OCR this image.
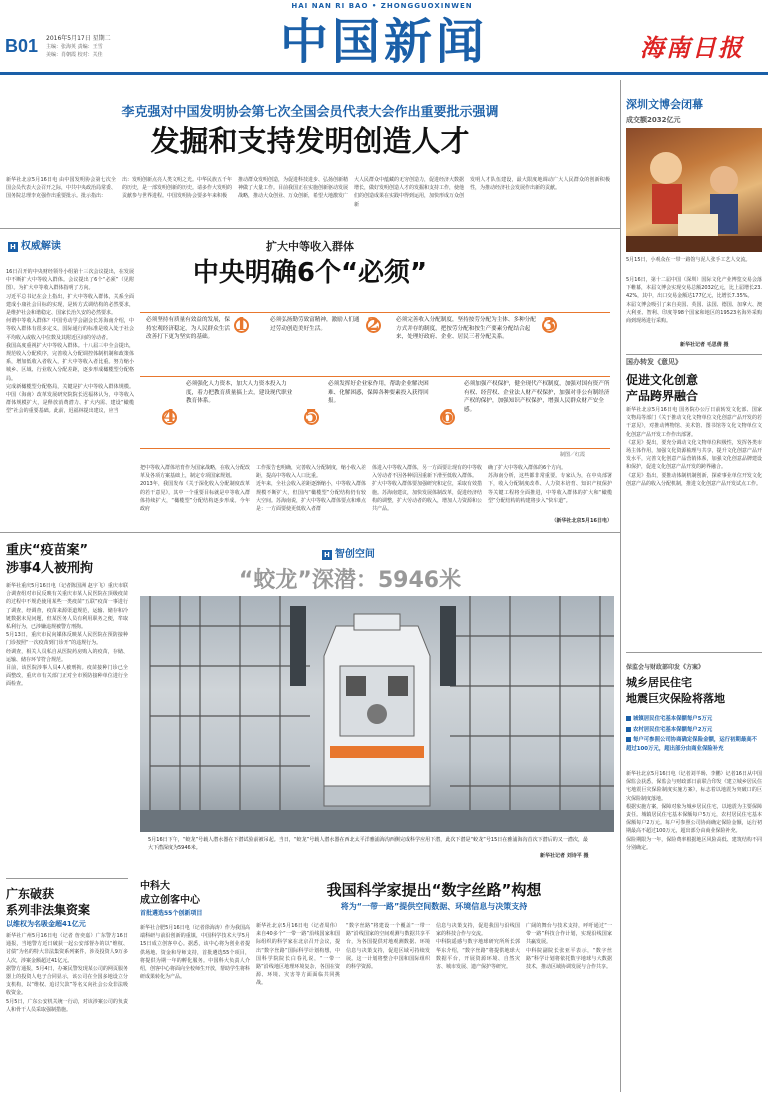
HAI NAN RI BAO • ZHONGGUOXINWEN
B01 2016年5月17日 星期二
主编：张海英 责编：王雪
美编：肖朝霞 校对：关佳	中国新闻	海南日报
李克强对中国发明协会第七次全国会员代表大会作出重要批示强调
发掘和支持发明创造人才
新华社北京5月16日电 由中国发明协会第七次全国会员代表大会召开之际，中共中央政治局常委、国务院总理李克强作出重要批示。批示指出：
出：发明创新点亮人类文明之光。中华民族五千年的历史，是一部发明创新的历史。请多作大发明的贡献参与世界进程。中国发明协会要多年来积极
推动群众发明创造，为促进科技进步、弘扬创新精神做了大量工作。目前我国正在实施创新驱动发展战略，推动大众创业、万众创新，希望大地激发广
大人民群众中蕴藏的无穷创造力，促进经济大数据增长，做好发明创造人才的发掘和支持工作，使他们的创造成果在实践中得到运用，加快形成万众创新
发明人才队伍建设，最大限度地调动广大人民群众的创新积极性，为推动经济社会发展作出新的贡献。
H 权威解读	扩大中等收入群体
中央明确6个“必须”
16日召开的中央财经领导小组第十三次会议提出，在发展中不断扩大中等收入群体。会议提出了6个“必须”（见附图）。为扩大中等收入群体指明了方向。
习近平总书记在会上指出，扩大中等收入群体，关系全面建成小康社会目标的实现，是转方式调结构的必然要求，是维护社会和谐稳定、国家长治久安的必然要求。
何谓中等收入群体？中国劳动学会副会长苏海南介绍，中等收入群体有很多定义，国际通行的标准是收入处于社会平均收入或收入中位数及其附近区间的劳动者。
我国高度重视扩大中等收入群体。十八届三中全会提出，规范收入分配秩序，完善收入分配调控体制机制和政策体系，增加低收入者收入，扩大中等收入者比重。努力缩小城乡、区域、行业收入分配差距，逐步形成橄榄型分配格局。
完成新橄榄型分配格局，关键是扩大中等收入群体规模。中国（海南）改革发展研究院院长迟福林认为，中等收入群体规模扩大，是释放消费潜力、扩大内需、建设“橄榄型”社会的重要基础。此前，迟福林提出建议，应当
必须坚持有质量有效益的发展，保持宏观经济稳定，为人民群众生活改善打下更为坚实的基础。
1	必须弘扬勤劳致富精神，激励人们通过劳动创造美好生活。	2	必须完善收入分配制度，坚持按劳分配为主体、多种分配方式并存的制度，把按劳分配和按生产要素分配结合起来，处理好政府、企业、居民三者分配关系。
3
4
必须强化人力资本，加大人力资本投入力度，着力把教育质量搞上去，建设现代职业教育体系。
5
必须发挥好企业家作用，帮助企业解决困难、化解困惑，保障各种要素投入获得回报。
6
必须加强产权保护，健全现代产权制度，加强对国有资产所有权、经营权、企业法人财产权保护，加强对非公有制经济产权的保护，加强知识产权保护，增强人民群众财产安全感。
制图／红霞
把中等收入群体培育作为国家战略，在收入分配改革及各项方案基础上，制定专项国家规划。
2013年，我国发布《关于深化收入分配制度改革的若干意见》，其中一个重要目标就是中等收入群体持续扩大，“橄榄型”分配结构逐步形成。今年政府
工作报告也明确，完善收入分配制度，缩小收入差距，提高中等收入人口比重。
近年来，全社会收入差距逐渐缩小，中等收入群体规模不断扩大，但国内“橄榄型”分配结构仍有较大空间。苏海南说，扩大中等收入群体要点和难点是：一方面要使更低收入者群
体进入中等收入群体，另一方面要让现有的中等收入劳动者不因各种原因重新下滑至低收入群体。
扩大中等收入群体要加强研究和定位，采取有效措施。苏海南建议，加快发展体制改革，促进经济结构的调整，扩大劳动者的收入，增加人力资源和公共产品。
确了扩大中等收入群体的6个方向。
苏海南分析，这些都非常重要。专家认为，在中央部署下，收入分配制度改革、人力资本培育、知识产权保护等关键工程将全面推进，中等收入群体的扩大和“橄榄型”分配结构的构建将步入“快车道”。
（新华社北京5月16日电）
重庆“疫苗案”
涉事4人被刑拘
新华社重庆5月16日电（记者陈国洲 赵宇飞）重庆市联合调查组对市民反映有关重庆市某人民医院在顶级疫苗的过程中不规范使用某些一类疫苗“五联”疫苗一事进行了调查，经调查，疫苗来源渠道规范，运输、储存和冷链数据未见问题，但某医务人员有利用职务之便，牟取私利行为，已涉嫌违规被警方刑拘。
5月13日，重庆市民向媒体反映某人民医院在预防接种门诊按照“一次疫苗到门诊开”的违规行为。
经调查，相关人员私自从医院药房购入的疫苗，存储、运输、储存环节符合规范。
目前，该医院涉事人员4人被刑拘。疫苗接种门诊已全面整改，重庆市有关部门正对全市预防接种单位进行全面检查。
广东破获
系列非法集资案
以维权为名吸金超41亿元
新华社广州5月16日电（记者 詹奕嘉）广东警方16日通报，当地警方近日破获一起公安部督办的以“维权、讨债”为名的特大非法集资系列案件，涉及投资人9万多人次，涉案金额超过41亿元。
据警方通报，5月4日，办案民警发现某公司的网页服务器上的投资人电子合同显示，该公司在全国多地设立分支机构，以“维权、追讨欠款”等名义向社会公众非法吸收资金。
5月5日，广东公安机关统一行动，对该涉案公司的负责人和骨干人员采取强制措施。
H 智创空间
“蛟龙”深潜：5946米
5月16日下午，“蛟龙”号载人潜水器在下潜试验前被吊起。当日，“蛟龙”号载人潜水器在西北太平洋雅浦海沟西侧完成科学应用下潜，此次下潜是“蛟龙”号15日在雅浦海沟首次下潜后的又一潜次，最大下潜深度为5946米。
新华社记者 刘诗平 摄
中科大
成立创客中心
首批遴选55个创新项目
新华社合肥5月16日电（记者徐海涛）作为我国高端科研与前沿创新的重镇，中国科学技术大学5月15日成立创客中心。据悉，该中心将为创业者提供场地、资金和导师支持，首批遴选55个项目，将提供为期一年的孵化服务。中国科大负责人介绍，创客中心将面向全校师生开放，帮助学生将科研成果转化为产品。
我国科学家提出“数字丝路”构想
将为“一带一路”提供空间数据、环境信息与决策支持
新华社北京5月16日电（记者周伟）来自40多个“一带一路”沿线国家和国际组织的科学家在北京召开会议，提出“数字丝路”国际科学计划构想，中国科学院院长白春礼说，“一带一路”沿线地区地理环境复杂，各国在资源、环境、灾害等方面面临共同挑战。
“数字丝路”将建设一个覆盖“一带一路”沿线国家的空间观测与数据共享平台，为各国提供对地观测数据、环境信息与决策支持，促进区域可持续发展。这一计划将整合中国和国际组织的科学资源。
信息与决策支持，促进我国与沿线国家的科技合作与交流。
中科院遥感与数字地球研究所所长郭华东介绍，“数字丝路”将提供地球大数据平台，开展资源环境、自然灾害、城市发展、遗产保护等研究。
广阔的舞台与技术支持，呼吁通过“一带一路”科技合作计划，实现沿线国家共赢发展。
中科院副院长张亚平表示，“数字丝路”科学计划将依托数字地球与大数据技术，推动区域协调发展与合作共享。
深圳文博会闭幕
成交额2032亿元
5月15日，小观众在一带一路馆与泥人张手工艺人交流。
5月16日，第十二届中国（深圳）国际文化产业博览交易会落下帷幕，本届文博会实现交易总额2032亿元，比上届增长23.42%，其中，出口交易金额达177亿元，比增长7.35%。
本届文博会吸引了来自美国、英国、法国、德国、加拿大、澳大利亚、智利、印度等98个国家和地区的19523名海外采购商到现场进行采购。
新华社记者 毛思倩 摄
国办转发《意见》
促进文化创意
产品跨界融合
新华社北京5月16日电 国务院办公厅日前转发文化部、国家文物局等部门《关于推动文化文物单位文化创意产品开发的若干意见》，对推动博物馆、美术馆、图书馆等文化文物单位文化创意产品开发工作作出部署。
《意见》提出，要充分调动文化文物单位积极性，发挥各类市场主体作用，加强文化资源梳理与共享，提升文化创意产品开发水平，完善文化创意产品营销体系，加强文化创意品牌建设和保护，促进文化创意产品开发的跨界融合。
《意见》指出，要推动体制机制创新，探索事业单位开发文化创意产品的收入分配机制，推进文化创意产品开发试点工作。
保监会与财政部印发《方案》
城乡居民住宅
地震巨灾保险将落地
城镇居民住宅基本保额每户5万元
农村居民住宅基本保额每户2万元
每户可参照公司协商确定保险金额，运行初期最高不超过100万元，超出部分由商业保险补充
新华社北京5月16日电（记者刘羊旸、李鹏）记者16日从中国保监会获悉，保监会与财政部日前联合印发《建立城乡居民住宅地震巨灾保险制度实施方案》，标志着以地震为突破口的巨灾保险制度落地。
根据实施方案，保障对象为城乡居民住宅，以地震为主要保障责任。城镇居民住宅基本保额每户5万元，农村居民住宅基本保额每户2万元。每户可参照公司协商确定保险金额，运行初期最高不超过100万元，超出部分由商业保险补充。
保险期限为一年，保险费率根据地区风险高低、建筑结构不同分别确定。
